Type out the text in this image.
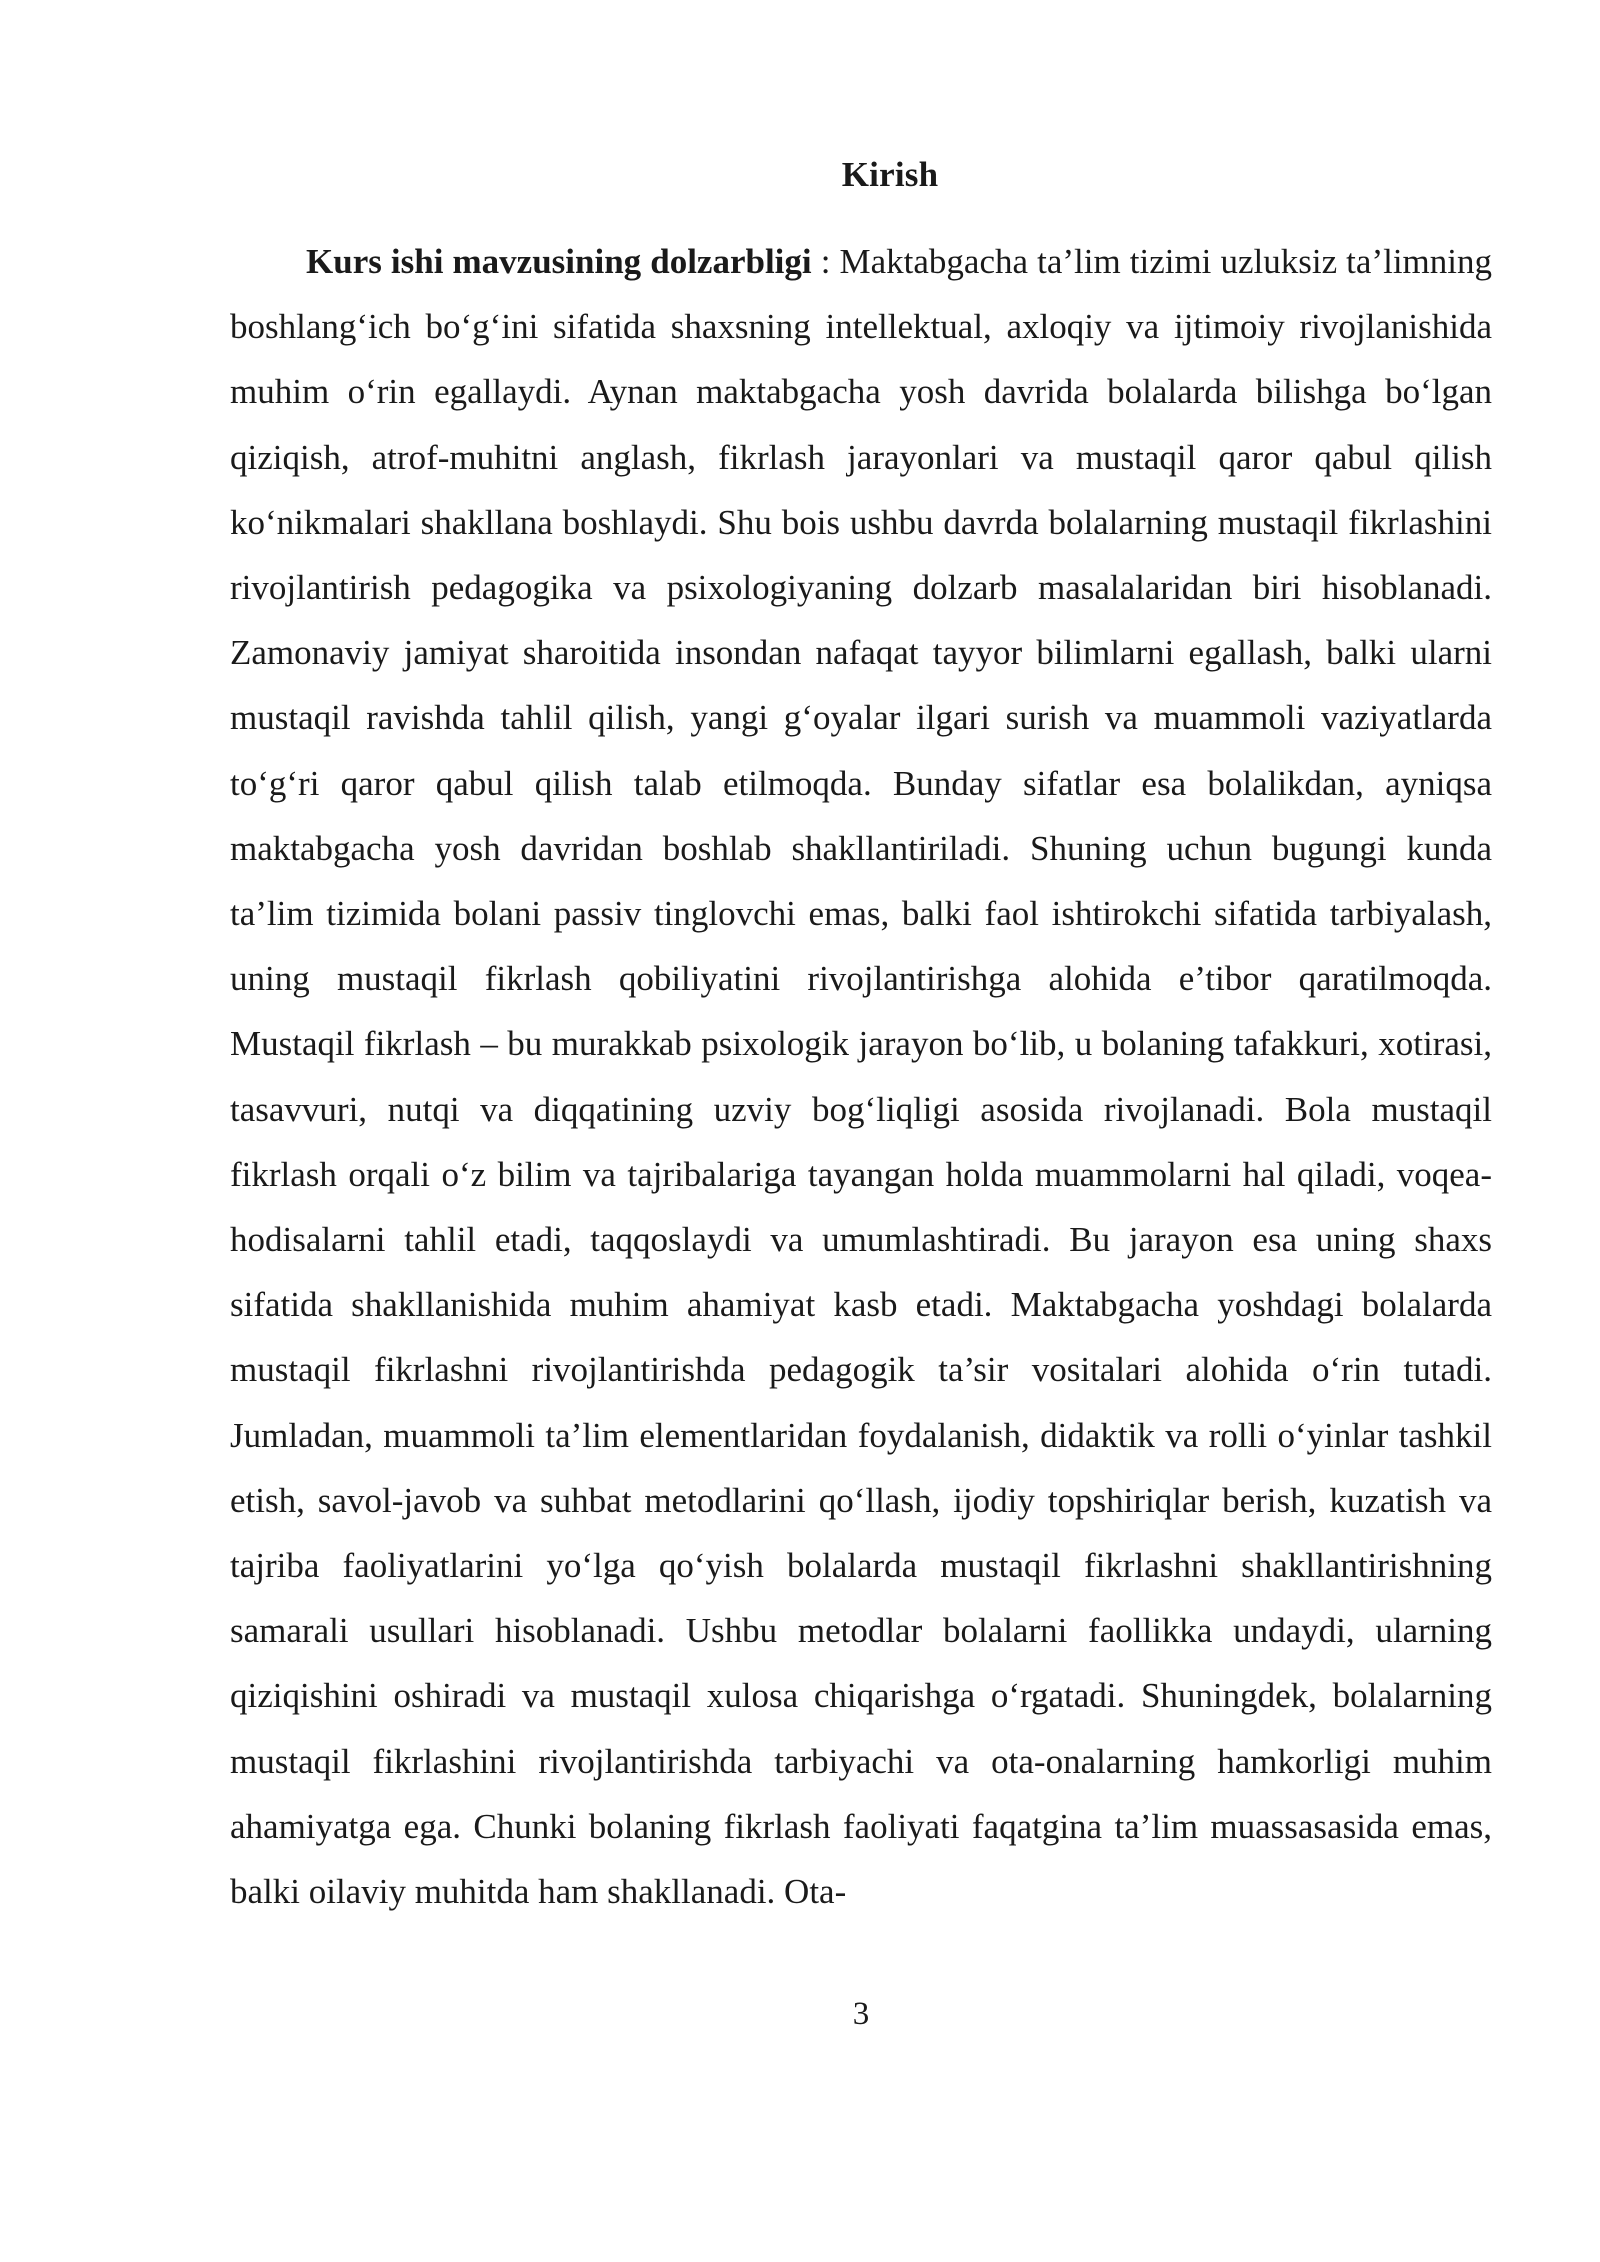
Kirish

Kurs ishi mavzusining dolzarbligi : Maktabgacha ta’lim tizimi uzluksiz ta’limning boshlang‘ich bo‘g‘ini sifatida shaxsning intellektual, axloqiy va ijtimoiy rivojlanishida muhim o‘rin egallaydi. Aynan maktabgacha yosh davrida bolalarda bilishga bo‘lgan qiziqish, atrof-muhitni anglash, fikrlash jarayonlari va mustaqil qaror qabul qilish ko‘nikmalari shakllana boshlaydi. Shu bois ushbu davrda bolalarning mustaqil fikrlashini rivojlantirish pedagogika va psixologiyaning dolzarb masalalaridan biri hisoblanadi. Zamonaviy jamiyat sharoitida insondan nafaqat tayyor bilimlarni egallash, balki ularni mustaqil ravishda tahlil qilish, yangi g‘oyalar ilgari surish va muammoli vaziyatlarda to‘g‘ri qaror qabul qilish talab etilmoqda. Bunday sifatlar esa bolalikdan, ayniqsa maktabgacha yosh davridan boshlab shakllantiriladi. Shuning uchun bugungi kunda ta’lim tizimida bolani passiv tinglovchi emas, balki faol ishtirokchi sifatida tarbiyalash, uning mustaqil fikrlash qobiliyatini rivojlantirishga alohida e’tibor qaratilmoqda. Mustaqil fikrlash – bu murakkab psixologik jarayon bo‘lib, u bolaning tafakkuri, xotirasi, tasavvuri, nutqi va diqqatining uzviy bog‘liqligi asosida rivojlanadi. Bola mustaqil fikrlash orqali o‘z bilim va tajribalariga tayangan holda muammolarni hal qiladi, voqea-hodisalarni tahlil etadi, taqqoslaydi va umumlashtiradi. Bu jarayon esa uning shaxs sifatida shakllanishida muhim ahamiyat kasb etadi. Maktabgacha yoshdagi bolalarda mustaqil fikrlashni rivojlantirishda pedagogik ta’sir vositalari alohida o‘rin tutadi. Jumladan, muammoli ta’lim elementlaridan foydalanish, didaktik va rolli o‘yinlar tashkil etish, savol-javob va suhbat metodlarini qo‘llash, ijodiy topshiriqlar berish, kuzatish va tajriba faoliyatlarini yo‘lga qo‘yish bolalarda mustaqil fikrlashni shakllantirishning samarali usullari hisoblanadi. Ushbu metodlar bolalarni faollikka undaydi, ularning qiziqishini oshiradi va mustaqil xulosa chiqarishga o‘rgatadi. Shuningdek, bolalarning mustaqil fikrlashini rivojlantirishda tarbiyachi va ota-onalarning hamkorligi muhim ahamiyatga ega. Chunki bolaning fikrlash faoliyati faqatgina ta’lim muassasasida emas, balki oilaviy muhitda ham shakllanadi. Ota-

3
